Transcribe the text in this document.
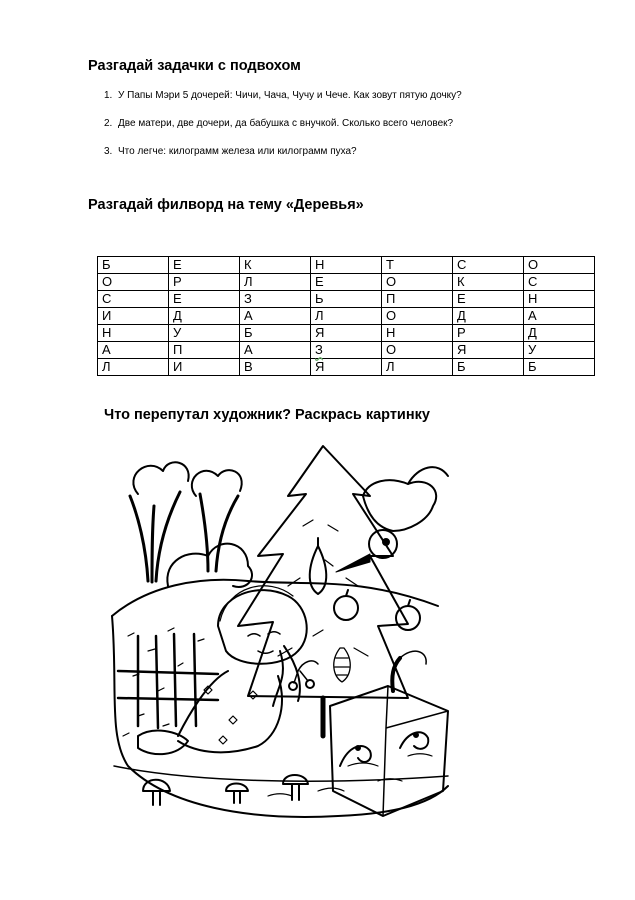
Разгадай задачки с подвохом
1. У Папы Мэри 5 дочерей: Чичи, Чача, Чучу и Чече. Как зовут пятую дочку?
2. Две матери, две дочери, да бабушка с внучкой. Сколько всего человек?
3. Что легче: килограмм железа или килограмм пуха?
Разгадай филворд на тему «Деревья»
Б	Е	К	Н	Т	С	О
О	Р	Л	Е	О	К	С
С	Е	З	Ь	П	Е	Н
И	Д	А	Л	О	Д	А
Н	У	Б	Я	Н	Р	Д
А	П	А	З	О	Я	У
Л	И	В	Я	Л	Б	Б
Что перепутал художник? Раскрась картинку
